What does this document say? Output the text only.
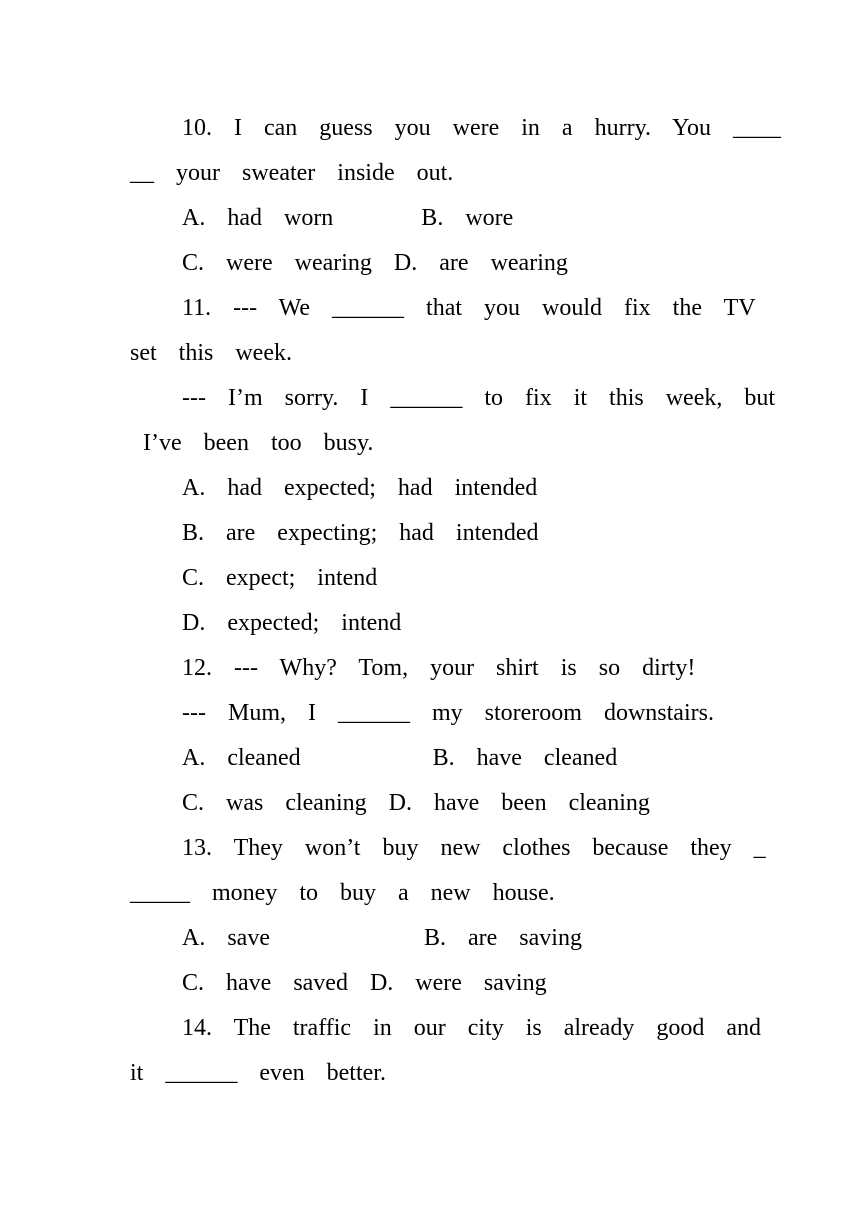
10.  I  can  guess  you  were  in  a  hurry.  You  ____
__  your  sweater  inside  out.
A.  had  worn        B.  wore
C.  were  wearing  D.  are  wearing
11.  ---  We  ______  that  you  would  fix  the  TV
set  this  week.
---  I’m  sorry.  I  ______  to  fix  it  this  week,  but
I’ve  been  too  busy.
A.  had  expected;  had  intended
B.  are  expecting;  had  intended
C.  expect;  intend
D.  expected;  intend
12.  ---  Why?  Tom,  your  shirt  is  so  dirty!
---  Mum,  I  ______  my  storeroom  downstairs.
A.  cleaned            B.  have  cleaned
C.  was  cleaning  D.  have  been  cleaning
13.  They  won’t  buy  new  clothes  because  they  _
_____  money  to  buy  a  new  house.
A.  save              B.  are  saving
C.  have  saved  D.  were  saving
14.  The  traffic  in  our  city  is  already  good  and
it  ______  even  better.
